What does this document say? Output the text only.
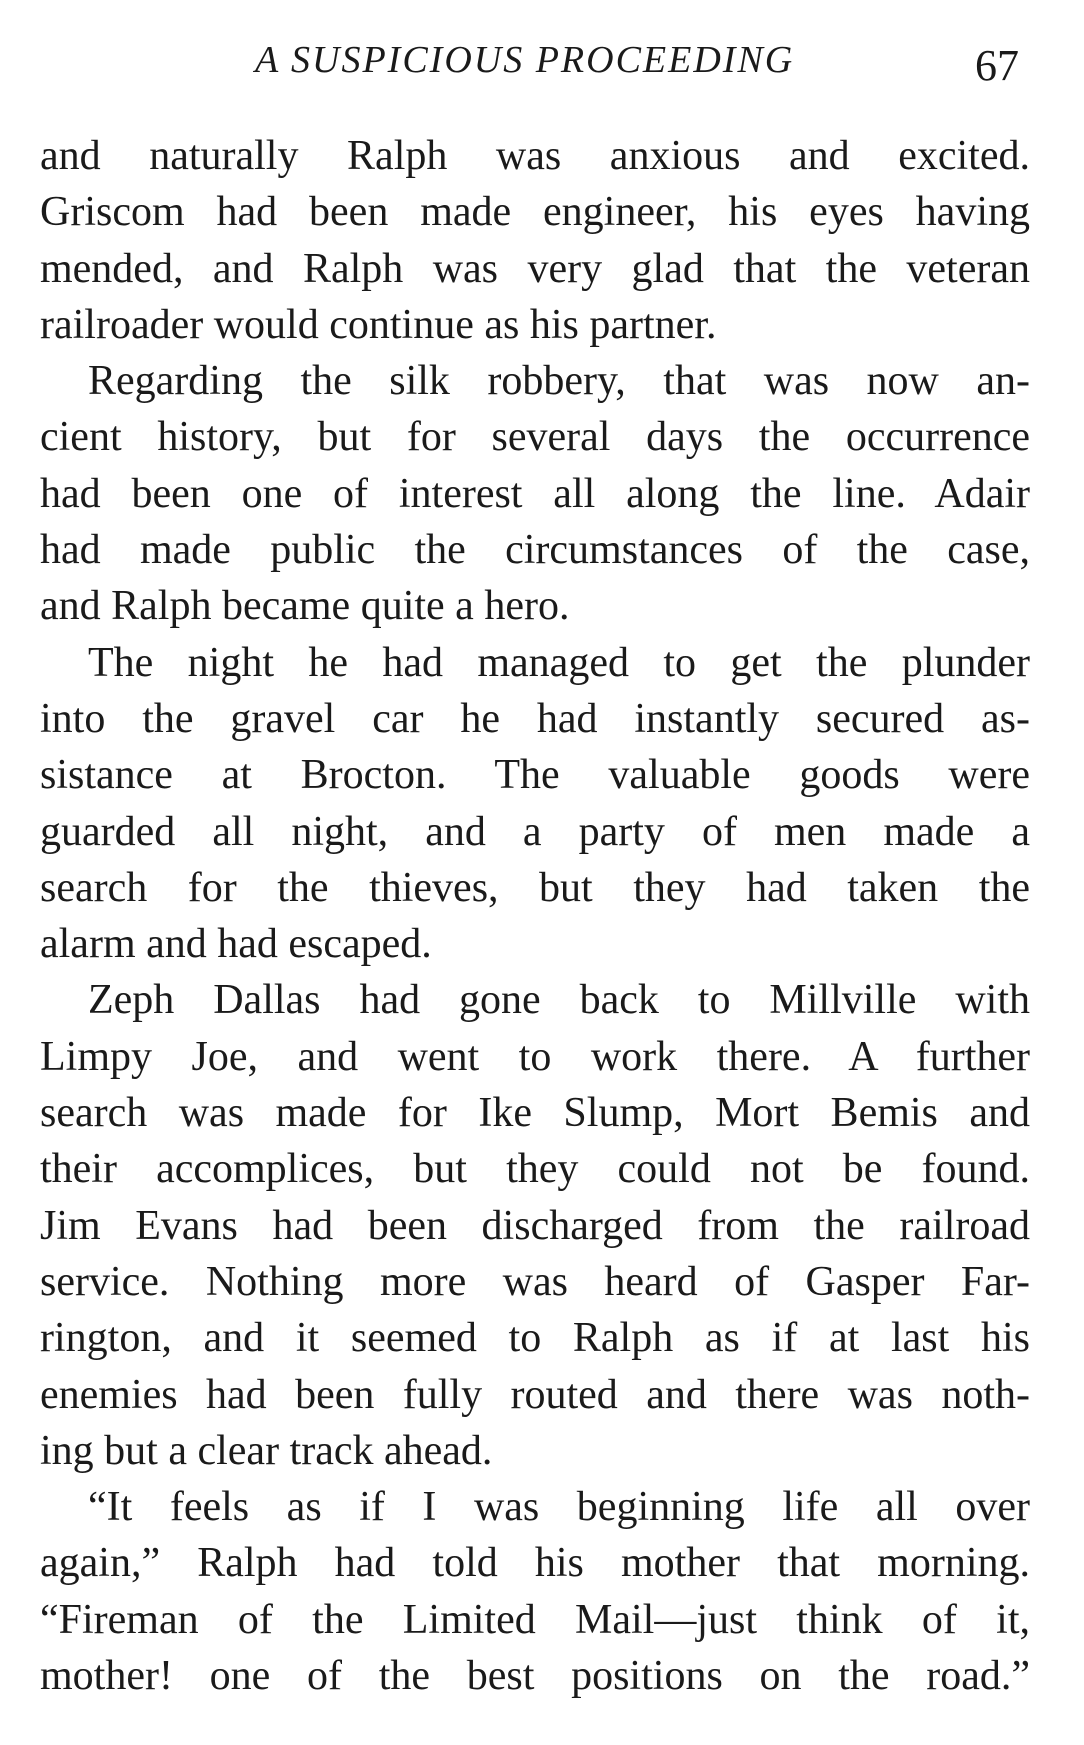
A SUSPICIOUS PROCEEDING	67
and naturally Ralph was anxious and excited.
Griscom had been made engineer, his eyes having
mended, and Ralph was very glad that the veteran
railroader would continue as his partner.
Regarding the silk robbery, that was now an-
cient history, but for several days the occurrence
had been one of interest all along the line. Adair
had made public the circumstances of the case,
and Ralph became quite a hero.
The night he had managed to get the plunder
into the gravel car he had instantly secured as-
sistance at Brocton. The valuable goods were
guarded all night, and a party of men made a
search for the thieves, but they had taken the
alarm and had escaped.
Zeph Dallas had gone back to Millville with
Limpy Joe, and went to work there. A further
search was made for Ike Slump, Mort Bemis and
their accomplices, but they could not be found.
Jim Evans had been discharged from the railroad
service. Nothing more was heard of Gasper Far-
rington, and it seemed to Ralph as if at last his
enemies had been fully routed and there was noth-
ing but a clear track ahead.
“It feels as if I was beginning life all over
again,” Ralph had told his mother that morning.
“Fireman of the Limited Mail—just think of it,
mother! one of the best positions on the road.”
